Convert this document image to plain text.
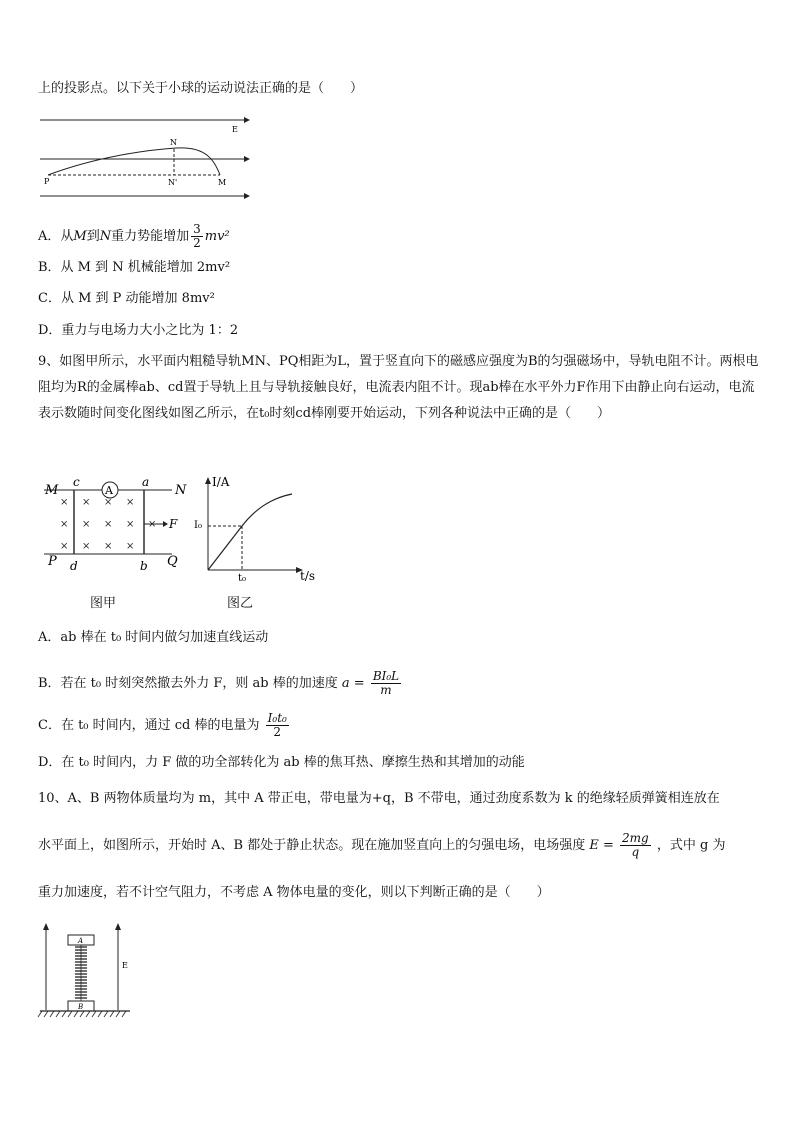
上的投影点。以下关于小球的运动说法正确的是（　　）
E
N
P	N'	M
A．从M到N重力势能增加 $\frac{3}{2} mv^2$
B．从 M 到 N 机械能增加 2mv²
C．从 M 到 P 动能增加 8mv²
D．重力与电场力大小之比为 1：2
9、如图甲所示，水平面内粗糙导轨MN、PQ相距为L，置于竖直向下的磁感应强度为B的匀强磁场中，导轨电阻不计。两根电阻均为R的金属棒ab、cd置于导轨上且与导轨接触良好，电流表内阻不计。现ab棒在水平外力F作用下由静止向右运动，电流表示数随时间变化图线如图乙所示，在t₀时刻cd棒刚要开始运动，下列各种说法中正确的是（　　）
A
× × × ×
× × × × ×
× × × ×
F
M	N
P	Q
c	a
d	b
图甲
I/A
t/s
I₀
t₀
图乙
A．ab 棒在 t₀ 时间内做匀加速直线运动
B．若在 t₀ 时刻突然撤去外力 F，则 ab 棒的加速度 $a = \frac{\text{BI₀L}}{m}$
C．在 t₀ 时间内，通过 cd 棒的电量为 $\frac{\text{I₀t₀}}{2}$
D．在 t₀ 时间内，力 F 做的功全部转化为 ab 棒的焦耳热、摩擦生热和其增加的动能
10、A、B 两物体质量均为 m，其中 A 带正电，带电量为+q，B 不带电，通过劲度系数为 k 的绝缘轻质弹簧相连放在
水平面上，如图所示，开始时 A、B 都处于静止状态。现在施加竖直向上的匀强电场，电场强度 $E = \frac{2mg}{q}$ ，式中 g 为
重力加速度，若不计空气阻力，不考虑 A 物体电量的变化，则以下判断正确的是（　　）
E
A
B
